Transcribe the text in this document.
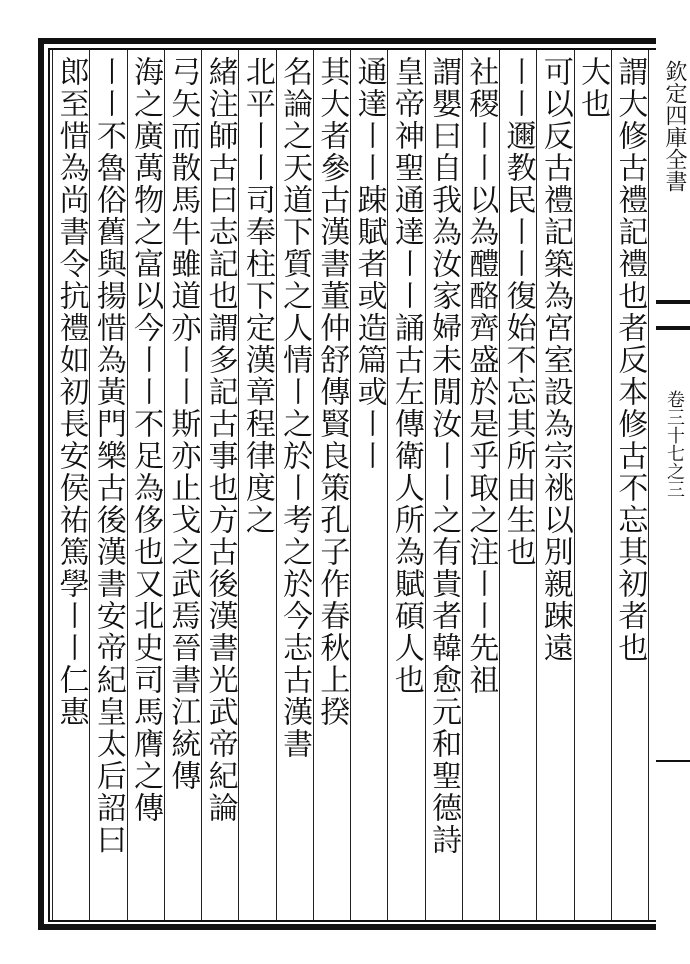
欽定四庫全書
卷三十七之三
謂大修古禮記禮也者反本修古不忘其初者也
大也
可以反古禮記築為宮室設為宗祧以別親踈遠
〡〡邇教民〡〡復始不忘其所由生也
社稷〡〡以為醴酪齊盛於是乎取之注〡〡先祖
謂嬰曰自我為汝家婦未閒汝〡〡之有貴者韓愈元和聖德詩
皇帝神聖通達〡〡誦古左傳衛人所為賦碩人也
通達〡〡踈賦者或造篇或〡〡
其大者參古漢書董仲舒傳賢良策孔子作春秋上揆
名論之天道下質之人情〡之於〡考之於今志古漢書
北平〡〡司奉柱下定漢章程律度之
緒注師古曰志記也謂多記古事也方古後漢書光武帝紀論
弓矢而散馬牛雖道亦〡〡斯亦止戈之武焉晉書江統傳
海之廣萬物之富以今〡〡不足為侈也又北史司馬膺之傳
〡〡不魯俗舊與揚惜為黃門樂古後漢書安帝紀皇太后詔曰
郎至惜為尚書令抗禮如初長安侯祐篤學〡〡仁惠
